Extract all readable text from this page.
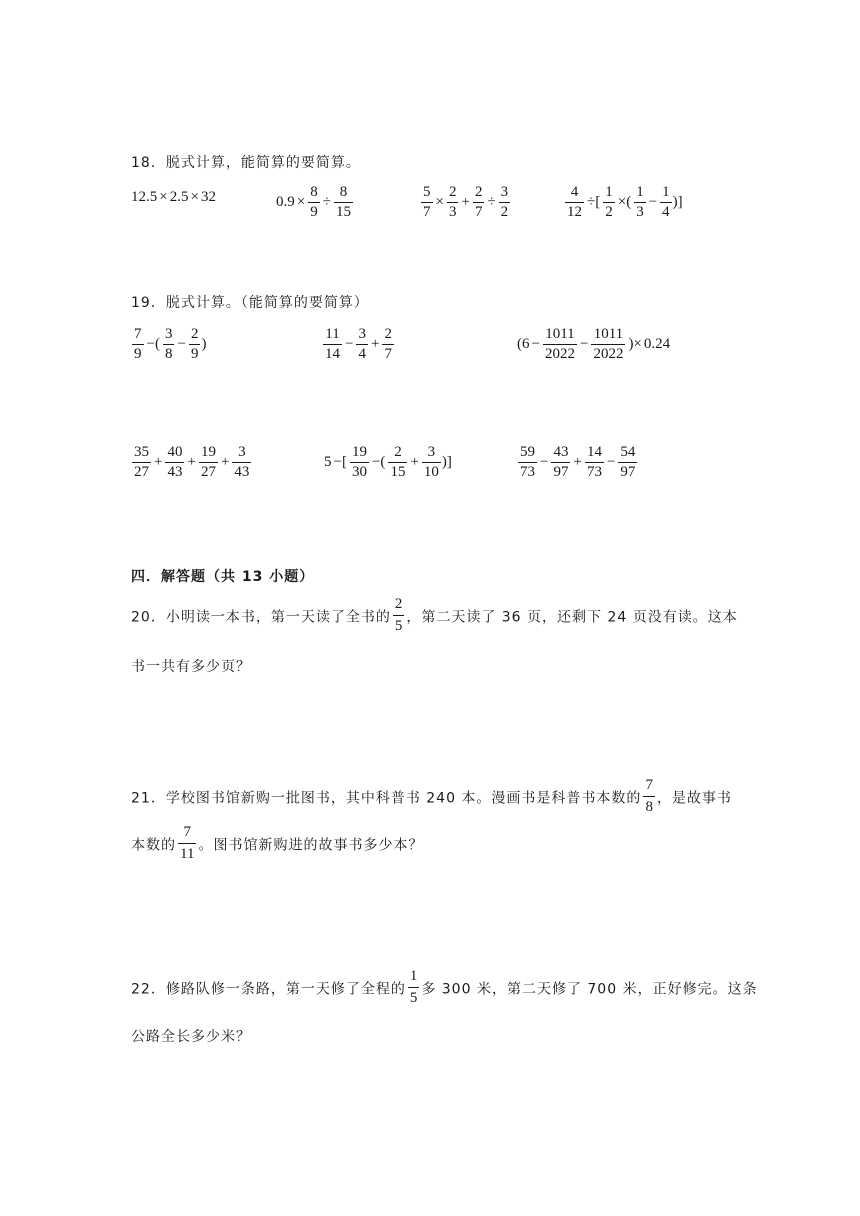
18．脱式计算，能简算的要简算。
12.5 × 2.5 × 32	$0.9 \times \frac{8}{9} \div \frac{8}{15}$	$\frac{5}{7} \times \frac{2}{3} + \frac{2}{7} \div \frac{3}{2}$	$\frac{4}{12}$ ÷[ $\frac{1}{2}$ ×( $\frac{1}{3} - \frac{1}{4}$ )]
19．脱式计算。（能简算的要简算）
$\frac{7}{9}$ −( $\frac{3}{8} - \frac{2}{9}$ )	$\frac{11}{14} - \frac{3}{4} + \frac{2}{7}$	( $6 - \frac{1011}{2022} - \frac{1011}{2022}$ )× 0.24
$\frac{35}{27} + \frac{40}{43} + \frac{19}{27} + \frac{3}{43}$	5 −[ $\frac{19}{30}$ −( $\frac{2}{15} + \frac{3}{10}$ )]	$\frac{59}{73} - \frac{43}{97} + \frac{14}{73} - \frac{54}{97}$
四．解答题（共 13 小题）
20．小明读一本书，第一天读了全书的 $\frac{2}{5}$ ，第二天读了 36 页，还剩下 24 页没有读。这本
书一共有多少页？
21．学校图书馆新购一批图书，其中科普书 240 本。漫画书是科普书本数的 $\frac{7}{8}$ ，是故事书
本数的 $\frac{7}{11}$ 。图书馆新购进的故事书多少本？
22．修路队修一条路，第一天修了全程的 $\frac{1}{5}$ 多 300 米，第二天修了 700 米，正好修完。这条
公路全长多少米？
